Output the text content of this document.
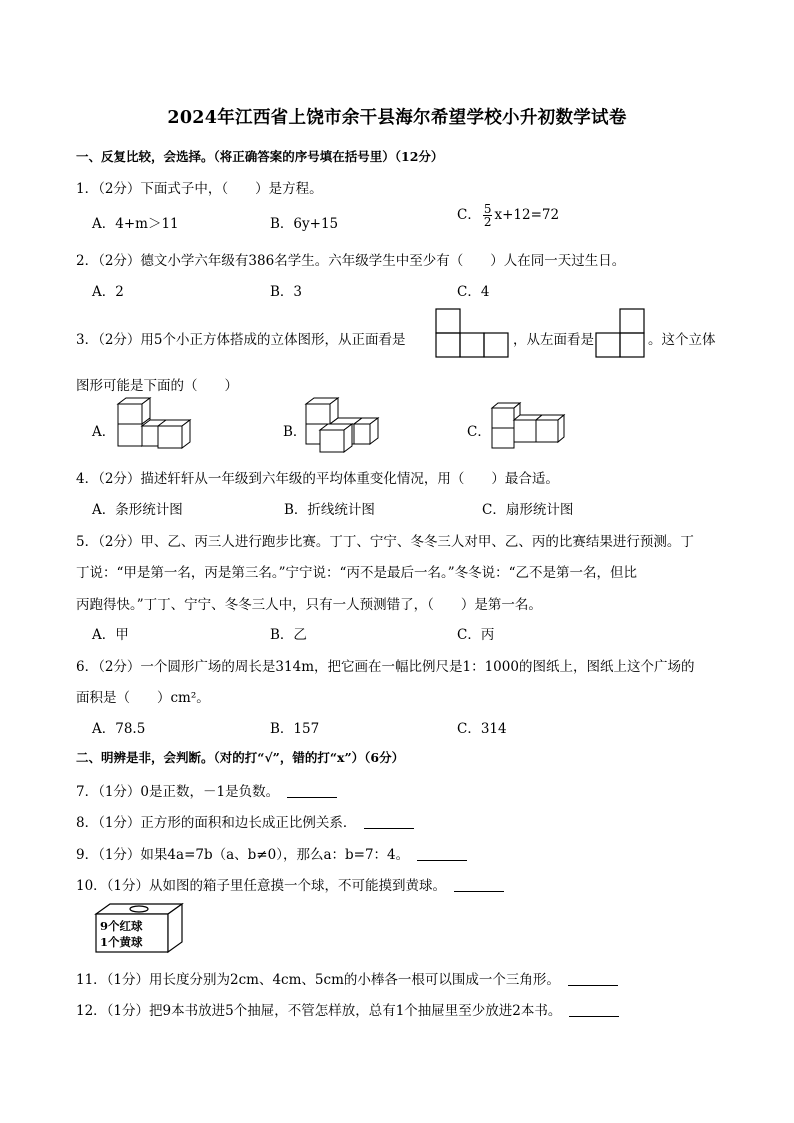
2024年江西省上饶市余干县海尔希望学校小升初数学试卷
一、反复比较，会选择。（将正确答案的序号填在括号里）（12分）
1．（2分）下面式子中，（　　）是方程。
A．4+m＞11	B．6y+15
C． $\frac{5}{2} x+12=72$
2．（2分）德文小学六年级有386名学生。六年级学生中至少有（　　）人在同一天过生日。
A．2	B．3	C．4
3．（2分）用5个小正方体搭成的立体图形，从正面看是	，从左面看是	。这个立体
图形可能是下面的（　　）
A．	B．	C．
4．（2分）描述轩轩从一年级到六年级的平均体重变化情况，用（　　）最合适。
A．条形统计图	B．折线统计图	C．扇形统计图
5．（2分）甲、乙、丙三人进行跑步比赛。丁丁、宁宁、冬冬三人对甲、乙、丙的比赛结果进行预测。丁
丁说：“甲是第一名，丙是第三名。”宁宁说：“丙不是最后一名。”冬冬说：“乙不是第一名，但比
丙跑得快。”丁丁、宁宁、冬冬三人中，只有一人预测错了，（　　）是第一名。
A．甲	B．乙	C．丙
6．（2分）一个圆形广场的周长是314m，把它画在一幅比例尺是1：1000的图纸上，图纸上这个广场的
面积是（　　）cm²。
A．78.5	B．157	C．314
二、明辨是非，会判断。（对的打“√”，错的打“x”）（6分）
7．（1分）0是正数，－1是负数。
8．（1分）正方形的面积和边长成正比例关系．
9．（1分）如果4a=7b（a、b≠0），那么a：b=7：4。
10．（1分）从如图的箱子里任意摸一个球，不可能摸到黄球。
9个红球
1个黄球
11．（1分）用长度分别为2cm、4cm、5cm的小棒各一根可以围成一个三角形。
12．（1分）把9本书放进5个抽屉，不管怎样放，总有1个抽屉里至少放进2本书。
